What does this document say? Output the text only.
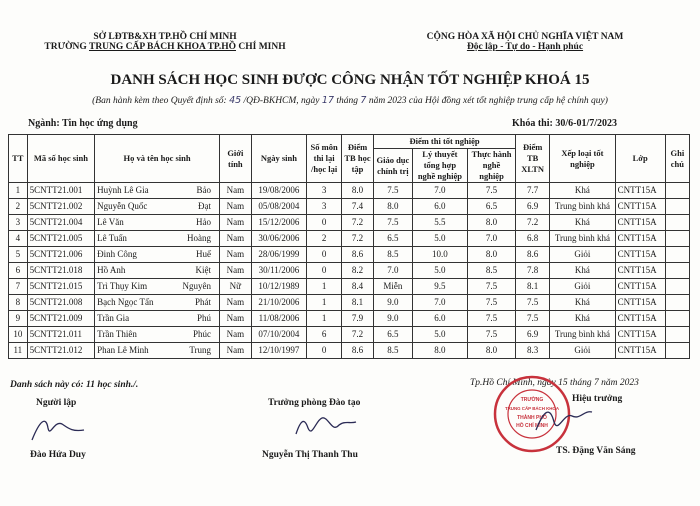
SỞ LĐTB&XH TP.HỒ CHÍ MINH
TRƯỜNG TRUNG CẤP BÁCH KHOA TP.HỒ CHÍ MINH
CỘNG HÒA XÃ HỘI CHỦ NGHĨA VIỆT NAM
Độc lập - Tự do - Hạnh phúc
DANH SÁCH HỌC SINH ĐƯỢC CÔNG NHẬN TỐT NGHIỆP KHOÁ 15
(Ban hành kèm theo Quyết định số: 45 /QĐ-BKHCM, ngày 17 tháng 7 năm 2023 của Hội đồng xét tốt nghiệp trung cấp hệ chính quy)
Ngành: Tin học ứng dụng	Khóa thi: 30/6-01/7/2023
TT	Mã số học sinh	Họ và tên học sinh	Giới tính	Ngày sinh	Số môn thi lại /học lại	Điểm TB học tập	Điểm thi tốt nghiệp			Điểm TB XLTN	Xếp loại tốt nghiệp	Lớp	Ghi chú
							Giáo dục chính trị	Lý thuyết tổng hợp nghề nghiệp	Thực hành nghề nghiệp				
1	5CNTT21.001	Huỳnh Lê Gia Bảo	Nam	19/08/2006	3	8.0	7.5	7.0	7.5	7.7	Khá	CNTT15A	
2	5CNTT21.002	Nguyễn Quốc Đạt	Nam	05/08/2004	3	7.4	8.0	6.0	6.5	6.9	Trung bình khá	CNTT15A	
3	5CNTT21.004	Lê Văn Hảo	Nam	15/12/2006	0	7.2	7.5	5.5	8.0	7.2	Khá	CNTT15A	
4	5CNTT21.005	Lê Tuấn Hoàng	Nam	30/06/2006	2	7.2	6.5	5.0	7.0	6.8	Trung bình khá	CNTT15A	
5	5CNTT21.006	Đinh Công Huế	Nam	28/06/1999	0	8.6	8.5	10.0	8.0	8.6	Giỏi	CNTT15A	
6	5CNTT21.018	Hồ Anh Kiệt	Nam	30/11/2006	0	8.2	7.0	5.0	8.5	7.8	Khá	CNTT15A	
7	5CNTT21.015	Trì Thụy Kim Nguyên	Nữ	10/12/1989	1	8.4	Miễn	9.5	7.5	8.1	Giỏi	CNTT15A	
8	5CNTT21.008	Bạch Ngọc Tấn Phát	Nam	21/10/2006	1	8.1	9.0	7.0	7.5	7.5	Khá	CNTT15A	
9	5CNTT21.009	Trần Gia Phú	Nam	11/08/2006	1	7.9	9.0	6.0	7.5	7.5	Khá	CNTT15A	
10	5CNTT21.011	Trần Thiên Phúc	Nam	07/10/2004	6	7.2	6.5	5.0	7.5	6.9	Trung bình khá	CNTT15A	
11	5CNTT21.012	Phan Lê Minh Trung	Nam	12/10/1997	0	8.6	8.5	8.0	8.0	8.3	Giỏi	CNTT15A	
Danh sách này có: 11 học sinh./.
Người lập
Đào Hứa Duy
Trưởng phòng Đào tạo
Nguyễn Thị Thanh Thu
Tp.Hồ Chí Minh, ngày 15 tháng 7 năm 2023
Hiệu trưởng
TS. Đặng Văn Sáng
TRƯỜNG
TRUNG CẤP BÁCH KHOA
THÀNH PHỐ
HỒ CHÍ MINH
